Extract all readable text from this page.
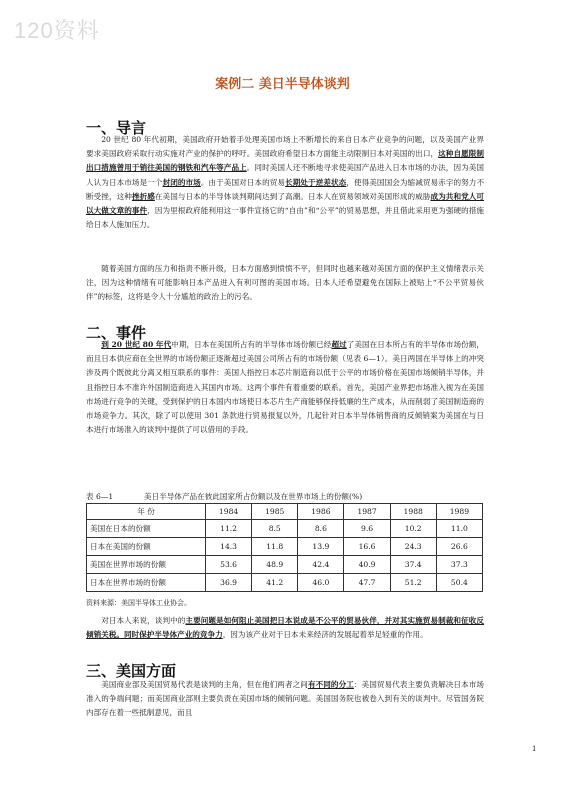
120资料
案例二 美日半导体谈判
一、导言

20 世纪 80 年代初期，美国政府开始着手处理美国市场上不断增长的来自日本产业竞争的问题，以及美国产业界要求美国政府采取行动实施对产业的保护的呼吁。美国政府希望日本方面能主动限制日本对美国的出口，这种自愿限制出口措施曾用于销往美国的钢铁和汽车等产品上。同时美国人还不断地寻求使美国产品进入日本市场的办法，因为美国人认为日本市场是一个封闭的市场。由于美国对日本的贸易长期处于逆差状态，使得美国国会为缩减贸易赤字的努力不断受挫，这种挫折感在美国与日本的半导体谈判期间达到了高潮。日本人在贸易领域对美国形成的威胁成为共和党人可以大做文章的事件，因为里根政府能利用这一事件宣扬它的“自由”和“公平”的贸易思想，并且借此采用更为强硬的措施给日本人施加压力。

随着美国方面的压力和指责不断升级，日本方面感到愤愤不平，但同时也越来越对美国方面的保护主义情绪表示关注，因为这种情绪有可能影响日本产品进入有利可图的美国市场。日本人还希望避免在国际上被贴上“不公平贸易伙伴”的标签，这将是令人十分尴尬的政治上的污名。

二、事件

到 20 世纪 80 年代中期，日本在美国所占有的半导体市场份额已经超过了美国在日本所占有的半导体市场份额，而且日本供应商在全世界的市场份额正逐渐超过美国公司所占有的市场份额（见表 6—1）。美日两国在半导体上的冲突涉及两个既彼此分离又相互联系的事件：美国人指控日本芯片制造商以低于公平的市场价格在美国市场倾销半导体，并且指控日本不准许外国制造商进入其国内市场。这两个事件有着重要的联系。首先，美国产业界把市场准入视为在美国市场进行竞争的关键，受到保护的日本国内市场使日本芯片生产商能够保持低廉的生产成本，从而削弱了美国制造商的市场竞争力。其次，除了可以使用 301 条款进行贸易报复以外，几起针对日本半导体销售商的反倾销案为美国在与日本进行市场准入的谈判中提供了可以借用的手段。

表 6—1	美日半导体产品在彼此国家所占份额以及在世界市场上的份额(%)
年 份	1984	1985	1986	1987	1988	1989
美国在日本的份额	11.2	8.5	8.6	9.6	10.2	11.0
日本在美国的份额	14.3	11.8	13.9	16.6	24.3	26.6
美国在世界市场的份额	53.6	48.9	42.4	40.9	37.4	37.3
日本在世界市场的份额	36.9	41.2	46.0	47.7	51.2	50.4
资料来源：美国半导体工业协会。

对日本人来说，谈判中的主要问题是如何阻止美国把日本说成是不公平的贸易伙伴，并对其实施贸易制裁和征收反倾销关税。同时保护半导体产业的竞争力，因为该产业对于日本未来经济的发展起着举足轻重的作用。

三、美国方面

美国商业部及美国贸易代表是谈判的主角，但在他们两者之间有不同的分工：美国贸易代表主要负责解决日本市场准入的争端问题；而美国商业部则主要负责在美国市场的倾销问题。美国国务院也被卷入到有关的谈判中。尽管国务院内部存在着一些抵制意见，而且

1
